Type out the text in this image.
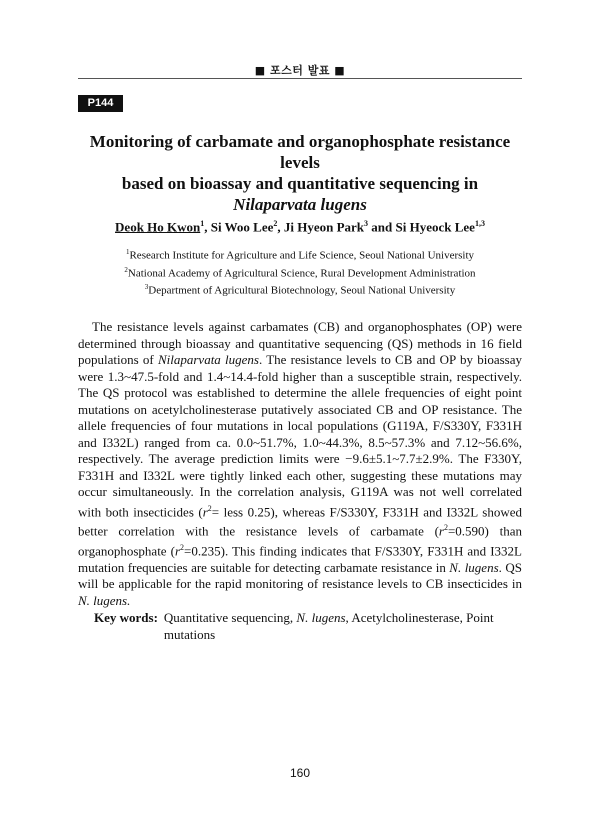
■ 포스터 발표 ■
P144
Monitoring of carbamate and organophosphate resistance levels
based on bioassay and quantitative sequencing in
Nilaparvata lugens
Deok Ho Kwon$^1$, Si Woo Lee$^2$, Ji Hyeon Park$^3$ and Si Hyeock Lee$^{1,3}$
$^1$Research Institute for Agriculture and Life Science, Seoul National University
$^2$National Academy of Agricultural Science, Rural Development Administration
$^3$Department of Agricultural Biotechnology, Seoul National University

The resistance levels against carbamates (CB) and organophosphates (OP) were determined through bioassay and quantitative sequencing (QS) methods in 16 field populations of Nilaparvata lugens. The resistance levels to CB and OP by bioassay were 1.3~47.5-fold and 1.4~14.4-fold higher than a susceptible strain, respectively. The QS protocol was established to determine the allele frequencies of eight point mutations on acetylcholinesterase putatively associated CB and OP resistance. The allele frequencies of four mutations in local populations (G119A, F/S330Y, F331H and I332L) ranged from ca. 0.0~51.7%, 1.0~44.3%, 8.5~57.3% and 7.12~56.6%, respectively. The average prediction limits were −9.6±5.1~7.7±2.9%. The F330Y, F331H and I332L were tightly linked each other, suggesting these mutations may occur simultaneously. In the correlation analysis, G119A was not well correlated with both insecticides ($r^2=$ less 0.25), whereas F/S330Y, F331H and I332L showed better correlation with the resistance levels of carbamate $(r^2=0.590)$ than organophosphate $(r^2=0.235)$. This finding indicates that F/S330Y, F331H and I332L mutation frequencies are suitable for detecting carbamate resistance in N. lugens. QS will be applicable for the rapid monitoring of resistance levels to CB insecticides in N. lugens.

Key words: Quantitative sequencing, N. lugens, Acetylcholinesterase, Point mutations
160
